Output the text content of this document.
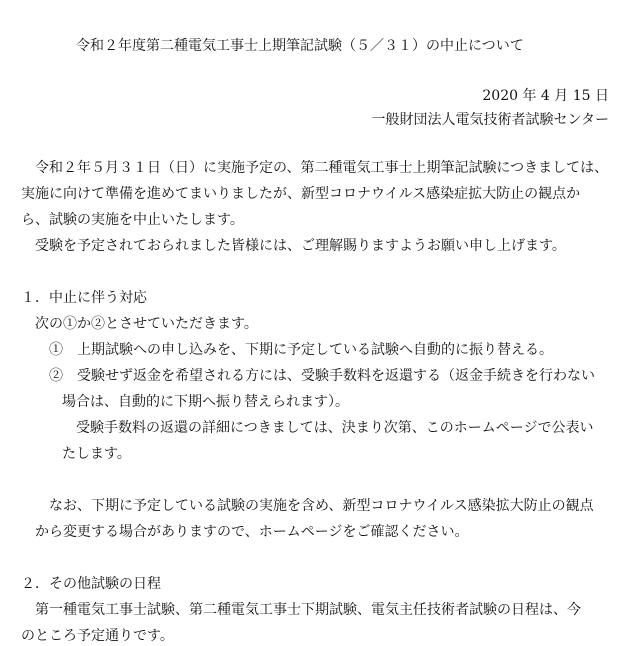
令和２年度第二種電気工事士上期筆記試験（５／３１）の中止について
2020 年 4 月 15 日
一般財団法人電気技術者試験センター
令和２年５月３１日（日）に実施予定の、第二種電気工事士上期筆記試験につきましては、
実施に向けて準備を進めてまいりましたが、新型コロナウイルス感染症拡大防止の観点か
ら、試験の実施を中止いたします。
受験を予定されておられました皆様には、ご理解賜りますようお願い申し上げます。
１．中止に伴う対応
次の①か②とさせていただきます。
①　上期試験への申し込みを、下期に予定している試験へ自動的に振り替える。
②　受験せず返金を希望される方には、受験手数料を返還する（返金手続きを行わない
場合は、自動的に下期へ振り替えられます）。
受験手数料の返還の詳細につきましては、決まり次第、このホームページで公表い
たします。
なお、下期に予定している試験の実施を含め、新型コロナウイルス感染拡大防止の観点
から変更する場合がありますので、ホームページをご確認ください。
２．その他試験の日程
第一種電気工事士試験、第二種電気工事士下期試験、電気主任技術者試験の日程は、今
のところ予定通りです。
